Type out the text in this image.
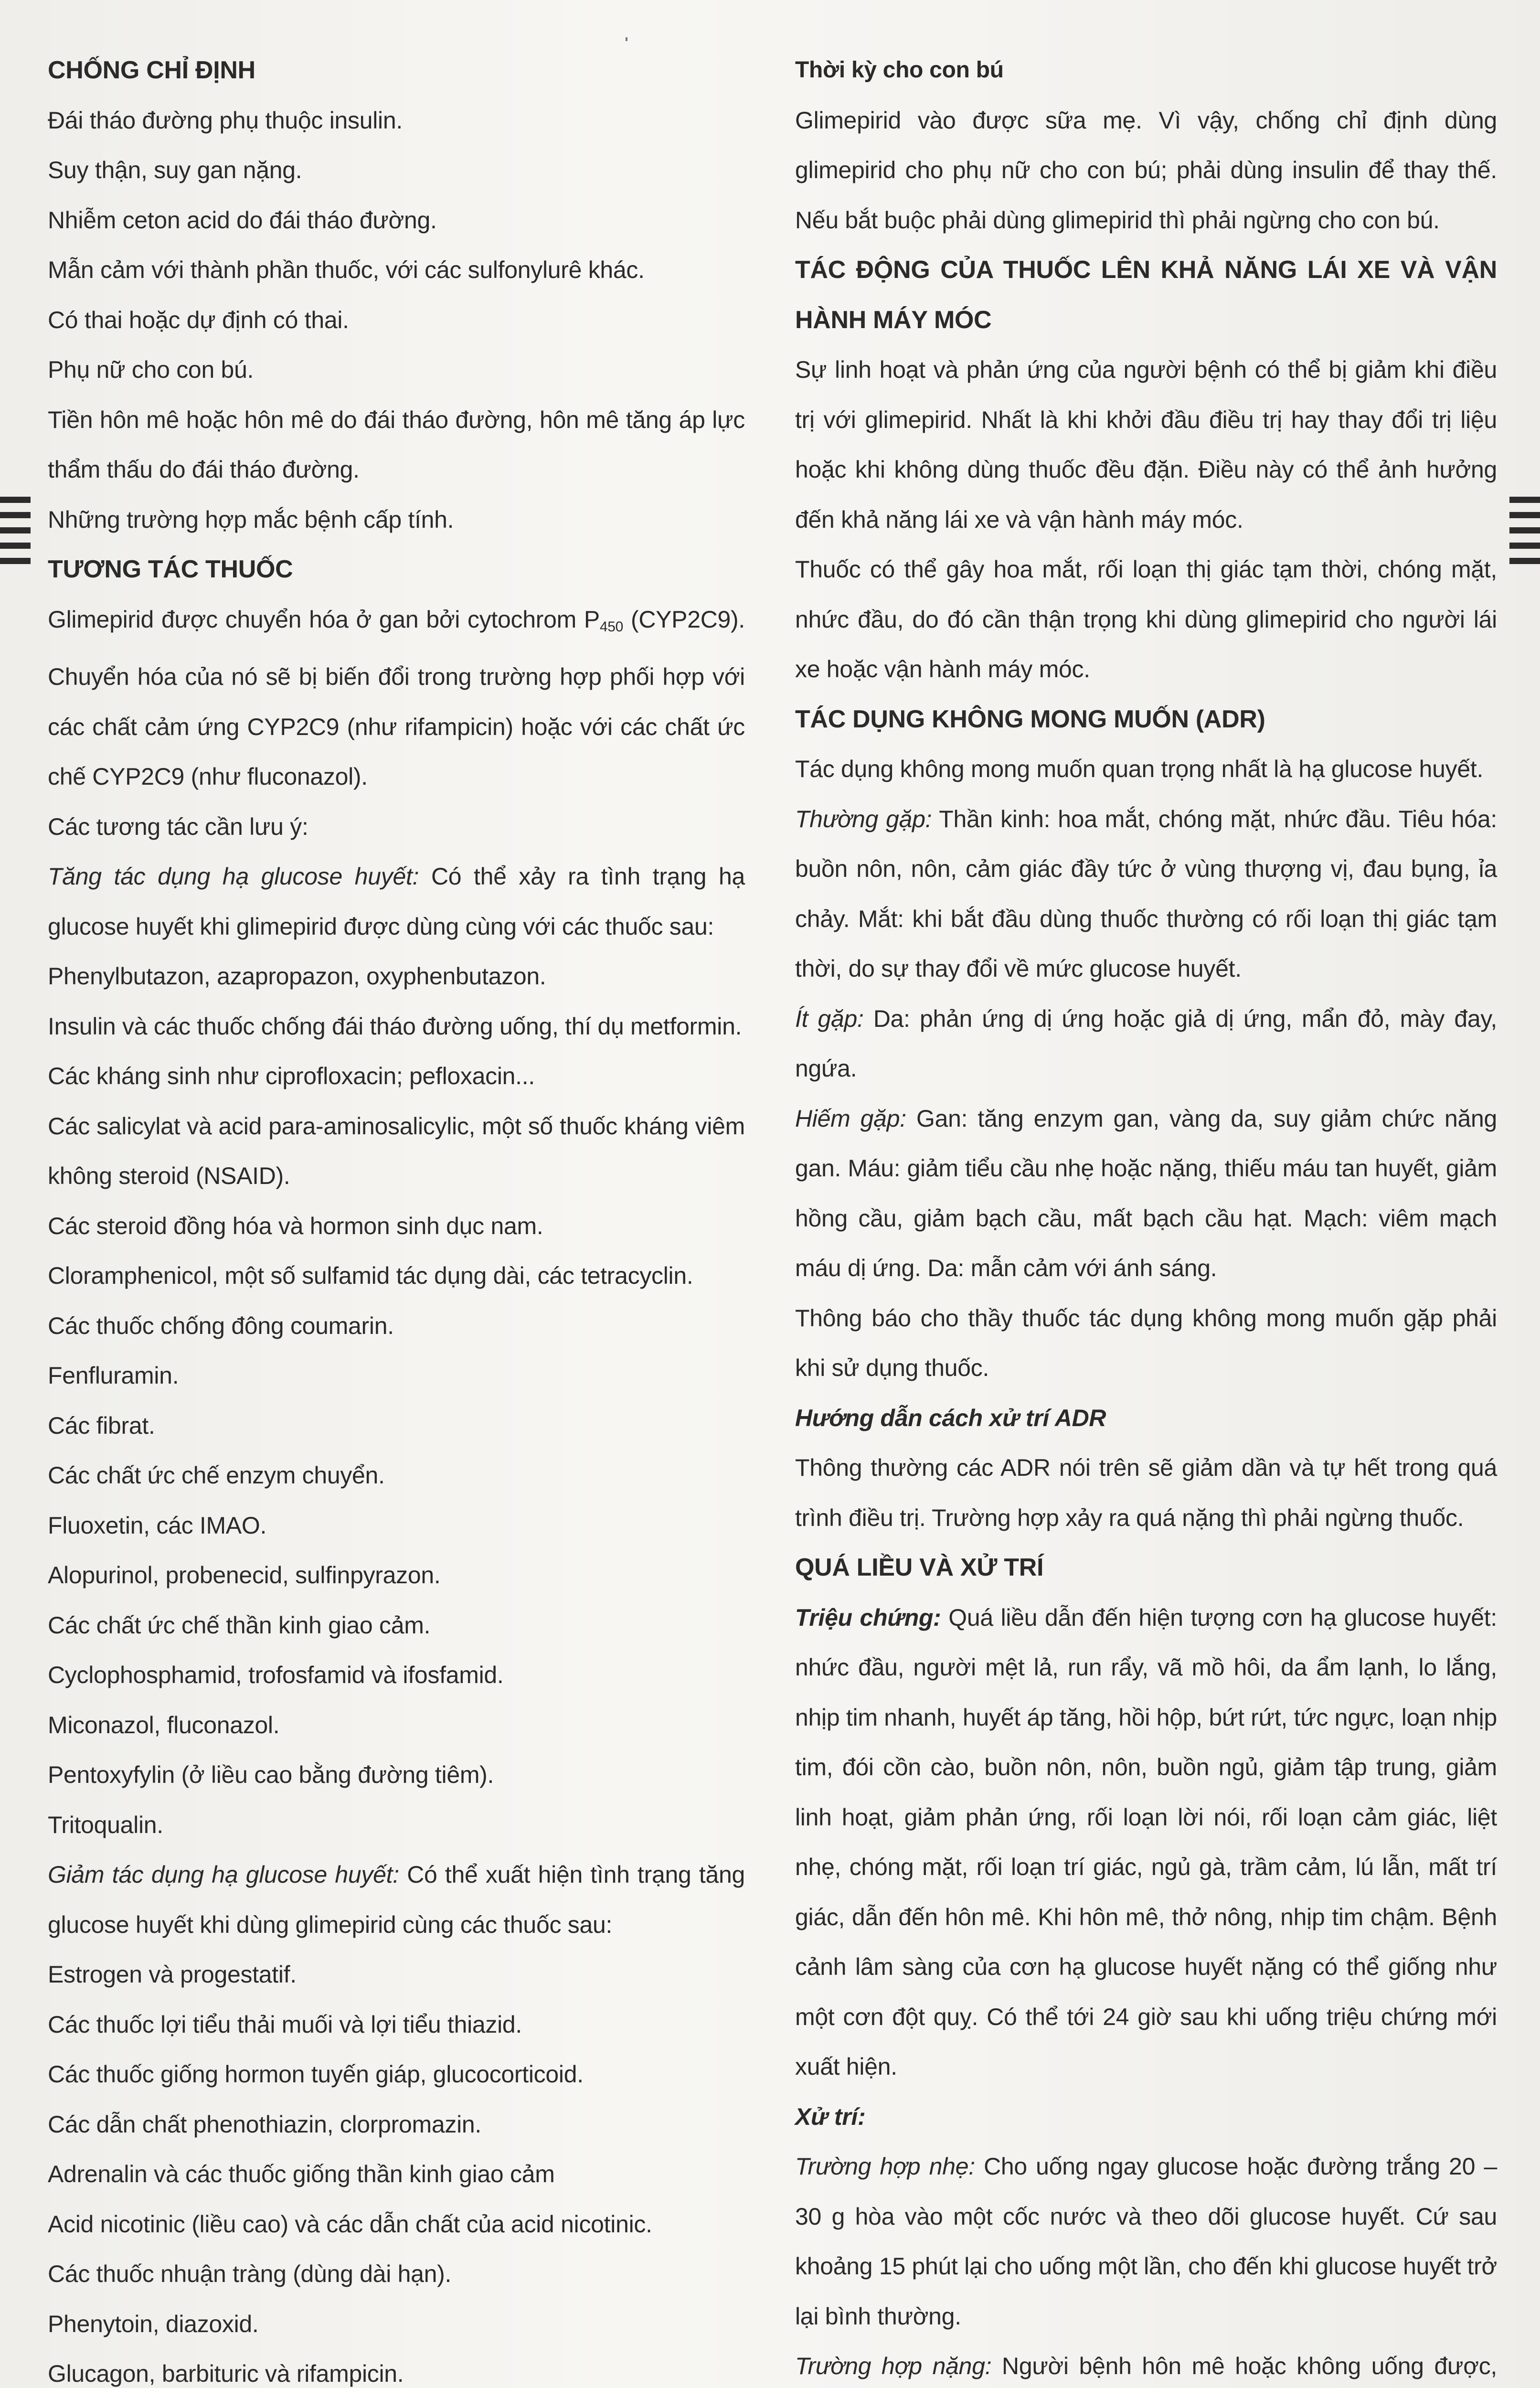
CHỐNG CHỈ ĐỊNH

Đái tháo đường phụ thuộc insulin.

Suy thận, suy gan nặng.

Nhiễm ceton acid do đái tháo đường.

Mẫn cảm với thành phần thuốc, với các sulfonylurê khác.

Có thai hoặc dự định có thai.

Phụ nữ cho con bú.

Tiền hôn mê hoặc hôn mê do đái tháo đường, hôn mê tăng áp lực thẩm thấu do đái tháo đường.

Những trường hợp mắc bệnh cấp tính.

TƯƠNG TÁC THUỐC

Glimepirid được chuyển hóa ở gan bởi cytochrom $P_{450}$ (CYP2C9). Chuyển hóa của nó sẽ bị biến đổi trong trường hợp phối hợp với các chất cảm ứng CYP2C9 (như rifampicin) hoặc với các chất ức chế CYP2C9 (như fluconazol).

Các tương tác cần lưu ý:

Tăng tác dụng hạ glucose huyết: Có thể xảy ra tình trạng hạ glucose huyết khi glimepirid được dùng cùng với các thuốc sau:

Phenylbutazon, azapropazon, oxyphenbutazon.

Insulin và các thuốc chống đái tháo đường uống, thí dụ metformin.

Các kháng sinh như ciprofloxacin; pefloxacin...

Các salicylat và acid para-aminosalicylic, một số thuốc kháng viêm không steroid (NSAID).

Các steroid đồng hóa và hormon sinh dục nam.

Cloramphenicol, một số sulfamid tác dụng dài, các tetracyclin.

Các thuốc chống đông coumarin.

Fenfluramin.

Các fibrat.

Các chất ức chế enzym chuyển.

Fluoxetin, các IMAO.

Alopurinol, probenecid, sulfinpyrazon.

Các chất ức chế thần kinh giao cảm.

Cyclophosphamid, trofosfamid và ifosfamid.

Miconazol, fluconazol.

Pentoxyfylin (ở liều cao bằng đường tiêm).

Tritoqualin.

Giảm tác dụng hạ glucose huyết: Có thể xuất hiện tình trạng tăng glucose huyết khi dùng glimepirid cùng các thuốc sau:

Estrogen và progestatif.

Các thuốc lợi tiểu thải muối và lợi tiểu thiazid.

Các thuốc giống hormon tuyến giáp, glucocorticoid.

Các dẫn chất phenothiazin, clorpromazin.

Adrenalin và các thuốc giống thần kinh giao cảm

Acid nicotinic (liều cao) và các dẫn chất của acid nicotinic.

Các thuốc nhuận tràng (dùng dài hạn).

Phenytoin, diazoxid.

Glucagon, barbituric và rifampicin.

Thời kỳ cho con bú

Glimepirid vào được sữa mẹ. Vì vậy, chống chỉ định dùng glimepirid cho phụ nữ cho con bú; phải dùng insulin để thay thế. Nếu bắt buộc phải dùng glimepirid thì phải ngừng cho con bú.

TÁC ĐỘNG CỦA THUỐC LÊN KHẢ NĂNG LÁI XE VÀ VẬN HÀNH MÁY MÓC

Sự linh hoạt và phản ứng của người bệnh có thể bị giảm khi điều trị với glimepirid. Nhất là khi khởi đầu điều trị hay thay đổi trị liệu hoặc khi không dùng thuốc đều đặn. Điều này có thể ảnh hưởng đến khả năng lái xe và vận hành máy móc.

Thuốc có thể gây hoa mắt, rối loạn thị giác tạm thời, chóng mặt, nhức đầu, do đó cần thận trọng khi dùng glimepirid cho người lái xe hoặc vận hành máy móc.

TÁC DỤNG KHÔNG MONG MUỐN (ADR)

Tác dụng không mong muốn quan trọng nhất là hạ glucose huyết.

Thường gặp: Thần kinh: hoa mắt, chóng mặt, nhức đầu. Tiêu hóa: buồn nôn, nôn, cảm giác đầy tức ở vùng thượng vị, đau bụng, ỉa chảy. Mắt: khi bắt đầu dùng thuốc thường có rối loạn thị giác tạm thời, do sự thay đổi về mức glucose huyết.

Ít gặp: Da: phản ứng dị ứng hoặc giả dị ứng, mẩn đỏ, mày đay, ngứa.

Hiếm gặp: Gan: tăng enzym gan, vàng da, suy giảm chức năng gan. Máu: giảm tiểu cầu nhẹ hoặc nặng, thiếu máu tan huyết, giảm hồng cầu, giảm bạch cầu, mất bạch cầu hạt. Mạch: viêm mạch máu dị ứng. Da: mẫn cảm với ánh sáng.

Thông báo cho thầy thuốc tác dụng không mong muốn gặp phải khi sử dụng thuốc.

Hướng dẫn cách xử trí ADR

Thông thường các ADR nói trên sẽ giảm dần và tự hết trong quá trình điều trị. Trường hợp xảy ra quá nặng thì phải ngừng thuốc.

QUÁ LIỀU VÀ XỬ TRÍ

Triệu chứng: Quá liều dẫn đến hiện tượng cơn hạ glucose huyết: nhức đầu, người mệt lả, run rẩy, vã mồ hôi, da ẩm lạnh, lo lắng, nhịp tim nhanh, huyết áp tăng, hồi hộp, bứt rứt, tức ngực, loạn nhịp tim, đói cồn cào, buồn nôn, nôn, buồn ngủ, giảm tập trung, giảm linh hoạt, giảm phản ứng, rối loạn lời nói, rối loạn cảm giác, liệt nhẹ, chóng mặt, rối loạn trí giác, ngủ gà, trầm cảm, lú lẫn, mất trí giác, dẫn đến hôn mê. Khi hôn mê, thở nông, nhịp tim chậm. Bệnh cảnh lâm sàng của cơn hạ glucose huyết nặng có thể giống như một cơn đột quỵ. Có thể tới 24 giờ sau khi uống triệu chứng mới xuất hiện.

Xử trí:

Trường hợp nhẹ: Cho uống ngay glucose hoặc đường trắng 20 – 30 g hòa vào một cốc nước và theo dõi glucose huyết. Cứ sau khoảng 15 phút lại cho uống một lần, cho đến khi glucose huyết trở lại bình thường.

Trường hợp nặng: Người bệnh hôn mê hoặc không uống được,
